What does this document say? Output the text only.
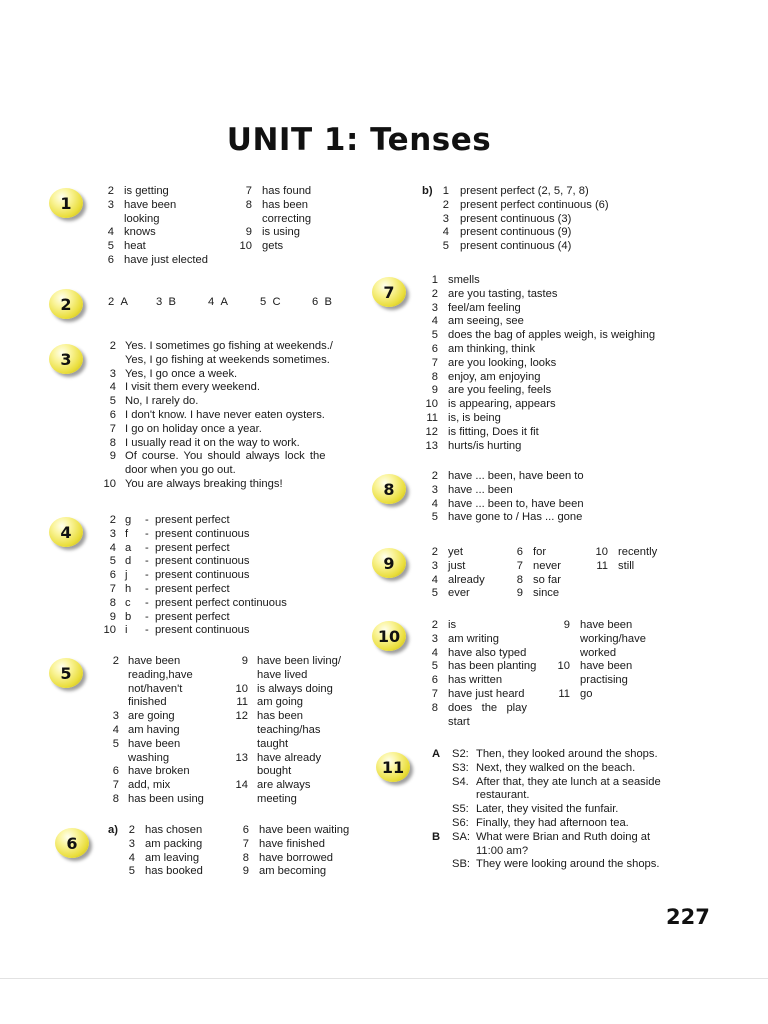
UNIT 1: Tenses
1
2 is getting	7 has found
3 have been	8 has been
looking	correcting
4 knows	9 is using
5 heat	10 gets
6 have just elected
b) 1 present perfect (2, 5, 7, 8)
2 present perfect continuous (6)
3 present continuous (3)
4 present continuous (9)
5 present continuous (4)
2	2 A	3 B	4 A	5 C	6 B
3
2 Yes. I sometimes go fishing at weekends./
Yes, I go fishing at weekends sometimes.
3 Yes, I go once a week.
4 I visit them every weekend.
5 No, I rarely do.
6 I don't know. I have never eaten oysters.
7 I go on holiday once a year.
8 I usually read it on the way to work.
9 Of course. You should always lock the
door when you go out.
10 You are always breaking things!
4
2 g -  present perfect
3 f -  present continuous
4 a -  present perfect
5 d -  present continuous
6 j -  present continuous
7 h -  present perfect
8 c -  present perfect continuous
9 b -  present perfect
10 i -  present continuous
5
2 have been
reading,have
not/haven't
finished
3 are going
4 am having
5 have been
washing
6 have broken
7 add, mix
8 has been using
9 have been living/
have lived
10 is always doing
11 am going
12 has been
teaching/has
taught
13 have already
bought
14 are always
meeting
6
a) 2 has chosen	6 have been waiting
3 am packing	7 have finished
4 am leaving	8 have borrowed
5 has booked	9 am becoming
7
1 smells
2 are you tasting, tastes
3 feel/am feeling
4 am seeing, see
5 does the bag of apples weigh, is weighing
6 am thinking, think
7 are you looking, looks
8 enjoy, am enjoying
9 are you feeling, feels
10 is appearing, appears
11 is, is being
12 is fitting, Does it fit
13 hurts/is hurting
8
2 have ... been, have been to
3 have ... been
4 have ... been to, have been
5 have gone to / Has ... gone
9
2 yet	6 for	10 recently
3 just	7 never	11 still
4 already	8 so far
5 ever	9 since
10
2 is
3 am writing
4 have also typed
5 has been planting
6 has written
7 have just heard
8 does   the   play
start
9 have been
working/have
worked
10 have been
practising
11 go
11
A S2: Then, they looked around the shops.
S3: Next, they walked on the beach.
S4. After that, they ate lunch at a seaside
restaurant.
S5: Later, they visited the funfair.
S6: Finally, they had afternoon tea.
B SA: What were Brian and Ruth doing at
11:00 am?
SB: They were looking around the shops.
227
